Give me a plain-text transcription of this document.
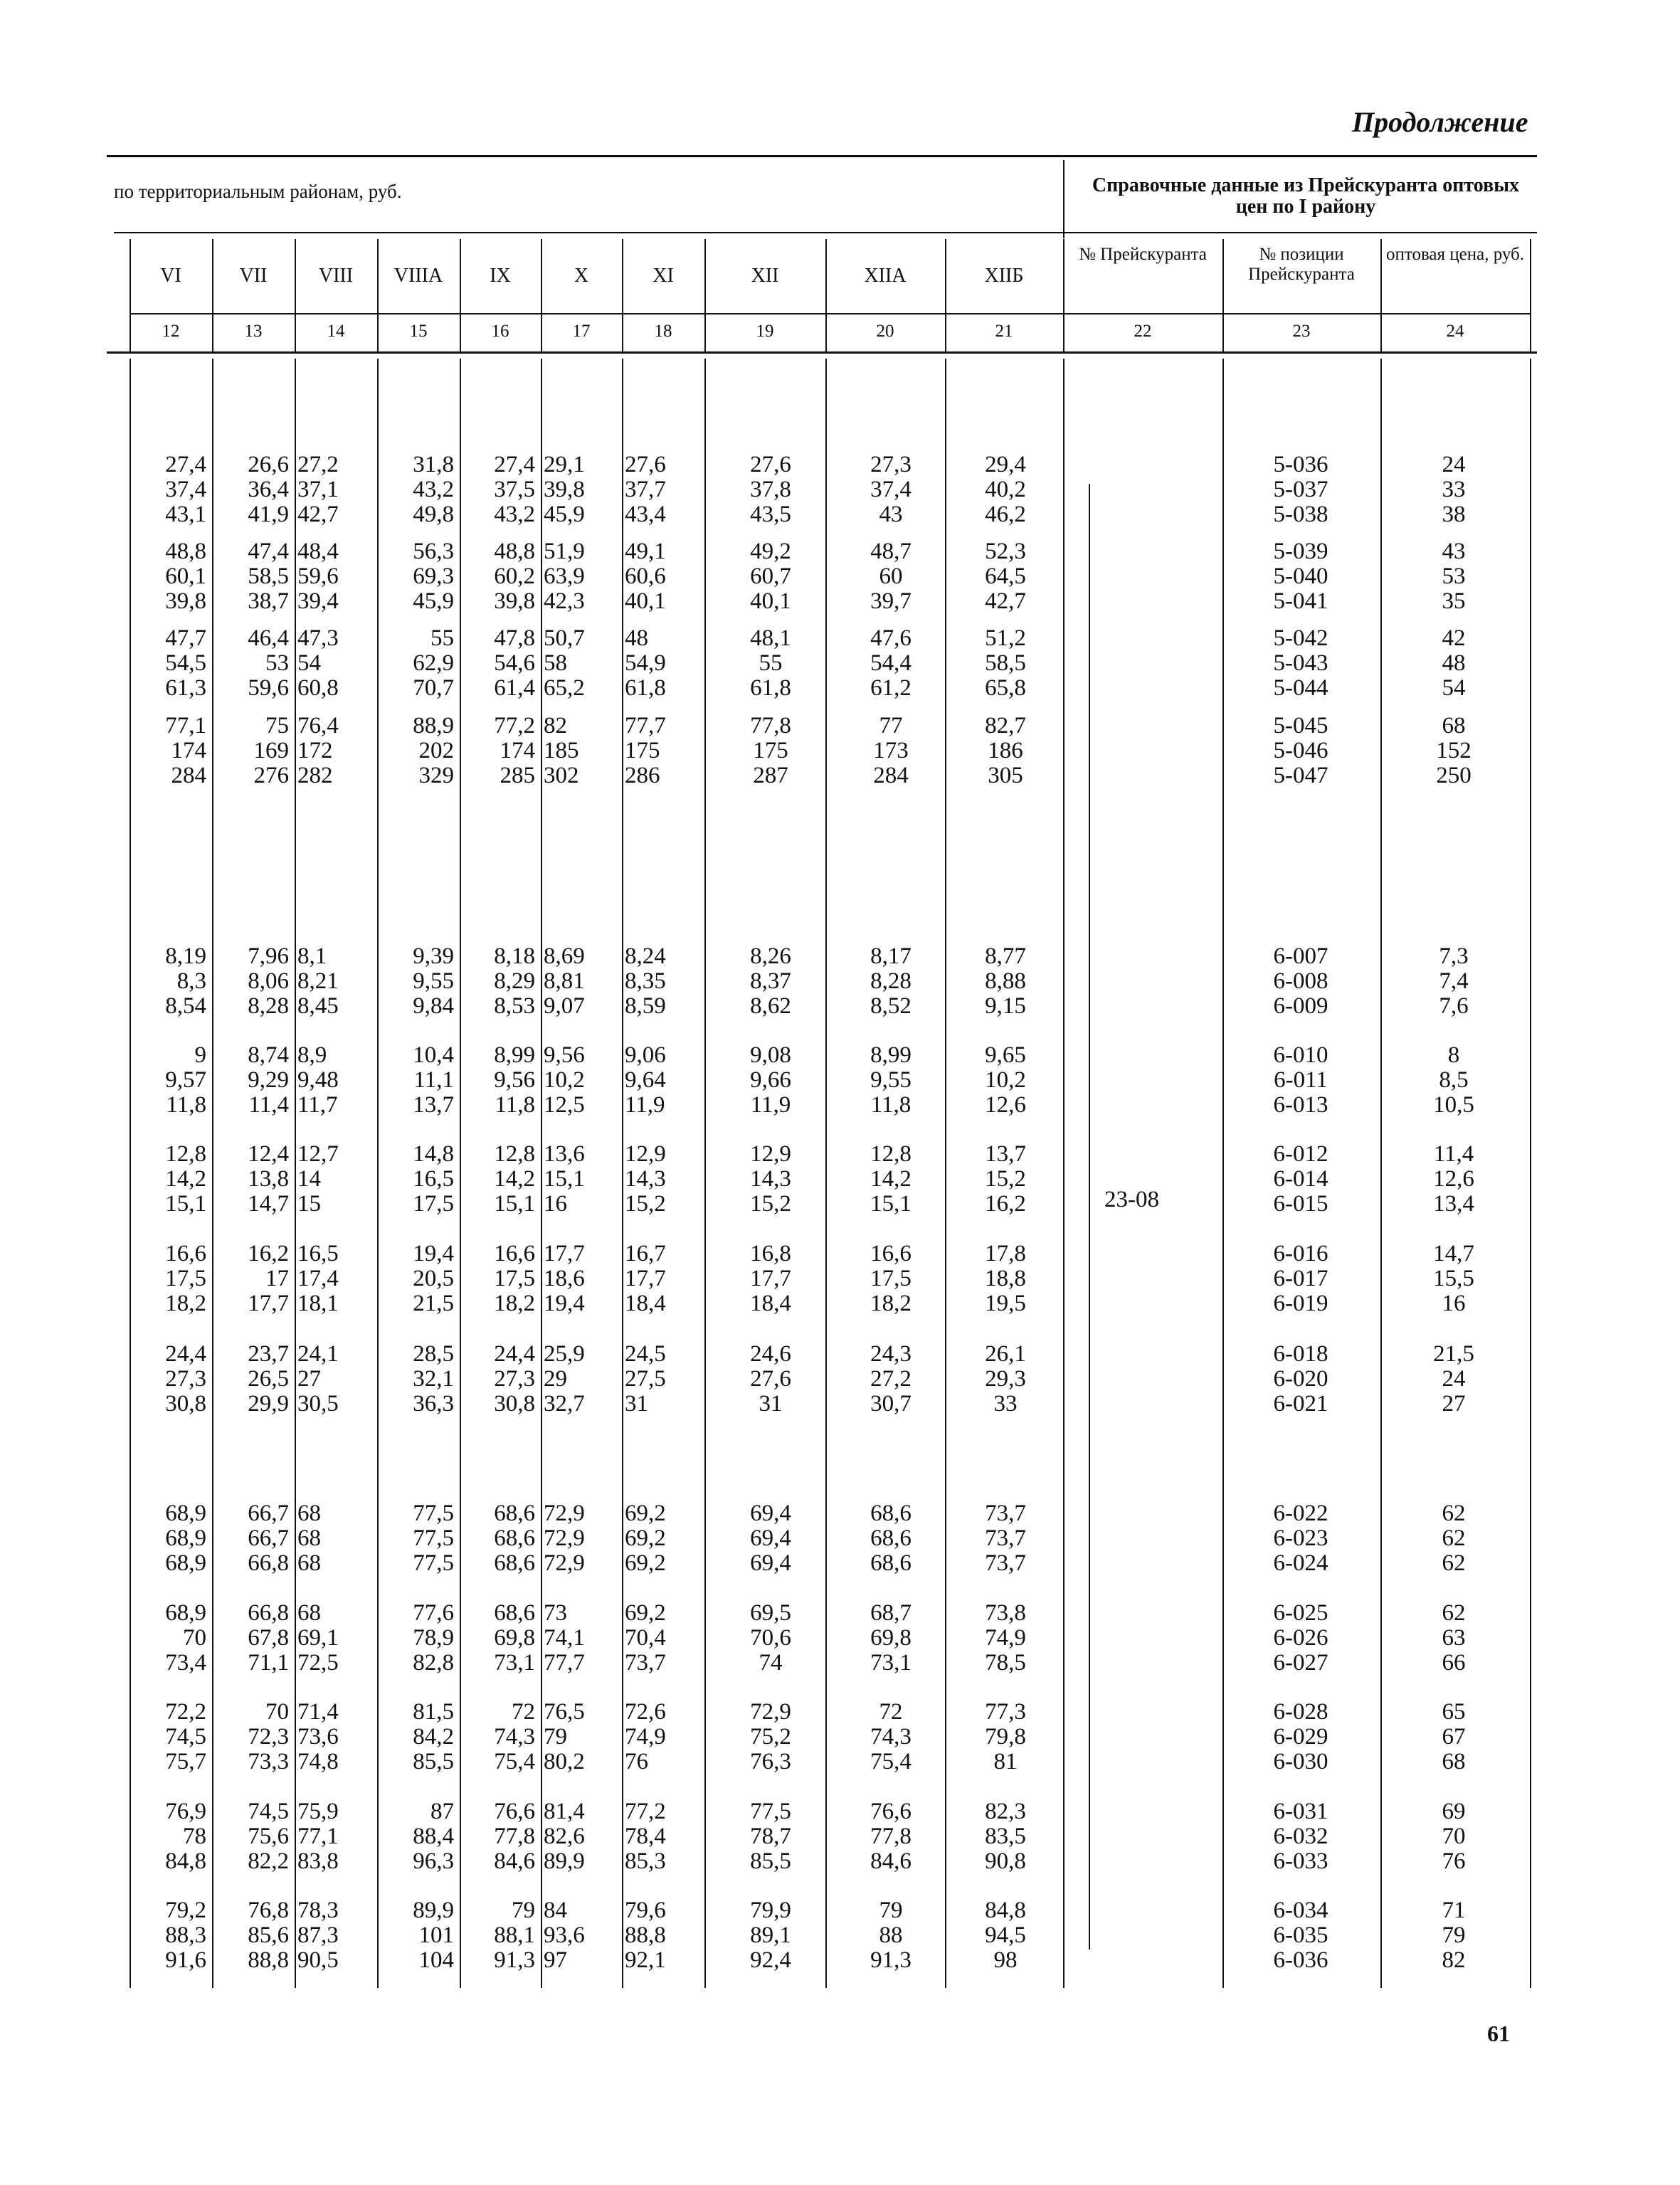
Продолжение
по территориальным районам, руб.	Справочные данные из Прейскуранта оптовых цен по I району
VI
12
VII
13
VIII
14
VIIIA
15
IX
16
X
17
XI
18
XII
19
XIIA
20
XIIБ
21
№ Прейскуранта
22
№ позиции Прейскуранта
23
оптовая цена, руб.
24
27,4
37,4
43,1
26,6
36,4
41,9
27,2
37,1
42,7
31,8
43,2
49,8
27,4
37,5
43,2
29,1
39,8
45,9
27,6
37,7
43,4
27,6
37,8
43,5
27,3
37,4
43
29,4
40,2
46,2
5-036
5-037
5-038
24
33
38
48,8
60,1
39,8
47,4
58,5
38,7
48,4
59,6
39,4
56,3
69,3
45,9
48,8
60,2
39,8
51,9
63,9
42,3
49,1
60,6
40,1
49,2
60,7
40,1
48,7
60
39,7
52,3
64,5
42,7
5-039
5-040
5-041
43
53
35
47,7
54,5
61,3
46,4
53
59,6
47,3
54
60,8
55
62,9
70,7
47,8
54,6
61,4
50,7
58
65,2
48
54,9
61,8
48,1
55
61,8
47,6
54,4
61,2
51,2
58,5
65,8
5-042
5-043
5-044
42
48
54
77,1
174
284
75
169
276
76,4
172
282
88,9
202
329
77,2
174
285
82
185
302
77,7
175
286
77,8
175
287
77
173
284
82,7
186
305
5-045
5-046
5-047
68
152
250
8,19
8,3
8,54
7,96
8,06
8,28
8,1
8,21
8,45
9,39
9,55
9,84
8,18
8,29
8,53
8,69
8,81
9,07
8,24
8,35
8,59
8,26
8,37
8,62
8,17
8,28
8,52
8,77
8,88
9,15
6-007
6-008
6-009
7,3
7,4
7,6
9
9,57
11,8
8,74
9,29
11,4
8,9
9,48
11,7
10,4
11,1
13,7
8,99
9,56
11,8
9,56
10,2
12,5
9,06
9,64
11,9
9,08
9,66
11,9
8,99
9,55
11,8
9,65
10,2
12,6
6-010
6-011
6-013
8
8,5
10,5
12,8
14,2
15,1
12,4
13,8
14,7
12,7
14
15
14,8
16,5
17,5
12,8
14,2
15,1
13,6
15,1
16
12,9
14,3
15,2
12,9
14,3
15,2
12,8
14,2
15,1
13,7
15,2
16,2
6-012
6-014
6-015
11,4
12,6
13,4
16,6
17,5
18,2
16,2
17
17,7
16,5
17,4
18,1
19,4
20,5
21,5
16,6
17,5
18,2
17,7
18,6
19,4
16,7
17,7
18,4
16,8
17,7
18,4
16,6
17,5
18,2
17,8
18,8
19,5
6-016
6-017
6-019
14,7
15,5
16
24,4
27,3
30,8
23,7
26,5
29,9
24,1
27
30,5
28,5
32,1
36,3
24,4
27,3
30,8
25,9
29
32,7
24,5
27,5
31
24,6
27,6
31
24,3
27,2
30,7
26,1
29,3
33
6-018
6-020
6-021
21,5
24
27
68,9
68,9
68,9
66,7
66,7
66,8
68
68
68
77,5
77,5
77,5
68,6
68,6
68,6
72,9
72,9
72,9
69,2
69,2
69,2
69,4
69,4
69,4
68,6
68,6
68,6
73,7
73,7
73,7
6-022
6-023
6-024
62
62
62
68,9
70
73,4
66,8
67,8
71,1
68
69,1
72,5
77,6
78,9
82,8
68,6
69,8
73,1
73
74,1
77,7
69,2
70,4
73,7
69,5
70,6
74
68,7
69,8
73,1
73,8
74,9
78,5
6-025
6-026
6-027
62
63
66
72,2
74,5
75,7
70
72,3
73,3
71,4
73,6
74,8
81,5
84,2
85,5
72
74,3
75,4
76,5
79
80,2
72,6
74,9
76
72,9
75,2
76,3
72
74,3
75,4
77,3
79,8
81
6-028
6-029
6-030
65
67
68
76,9
78
84,8
74,5
75,6
82,2
75,9
77,1
83,8
87
88,4
96,3
76,6
77,8
84,6
81,4
82,6
89,9
77,2
78,4
85,3
77,5
78,7
85,5
76,6
77,8
84,6
82,3
83,5
90,8
6-031
6-032
6-033
69
70
76
79,2
88,3
91,6
76,8
85,6
88,8
78,3
87,3
90,5
89,9
101
104
79
88,1
91,3
84
93,6
97
79,6
88,8
92,1
79,9
89,1
92,4
79
88
91,3
84,8
94,5
98
6-034
6-035
6-036
71
79
82
23-08
61
